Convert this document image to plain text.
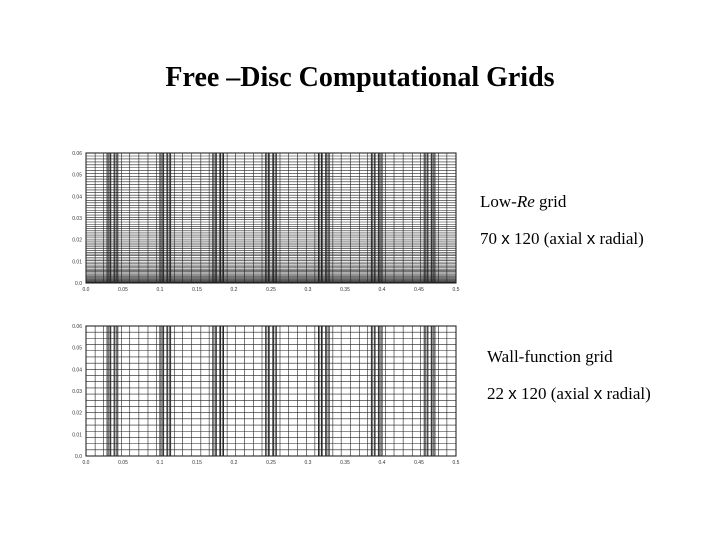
Free –Disc Computational Grids
0.0
0.01
0.02
0.03
0.04
0.05
0.06
0.0	0.05	0.1	0.15	0.2	0.25	0.3	0.35	0.4	0.45	0.5
Low-Re grid
70 x 120 (axial x radial)
0.0
0.01
0.02
0.03
0.04
0.05
0.06
0.0	0.05	0.1	0.15	0.2	0.25	0.3	0.35	0.4	0.45	0.5
Wall-function grid
22 x 120 (axial x radial)
